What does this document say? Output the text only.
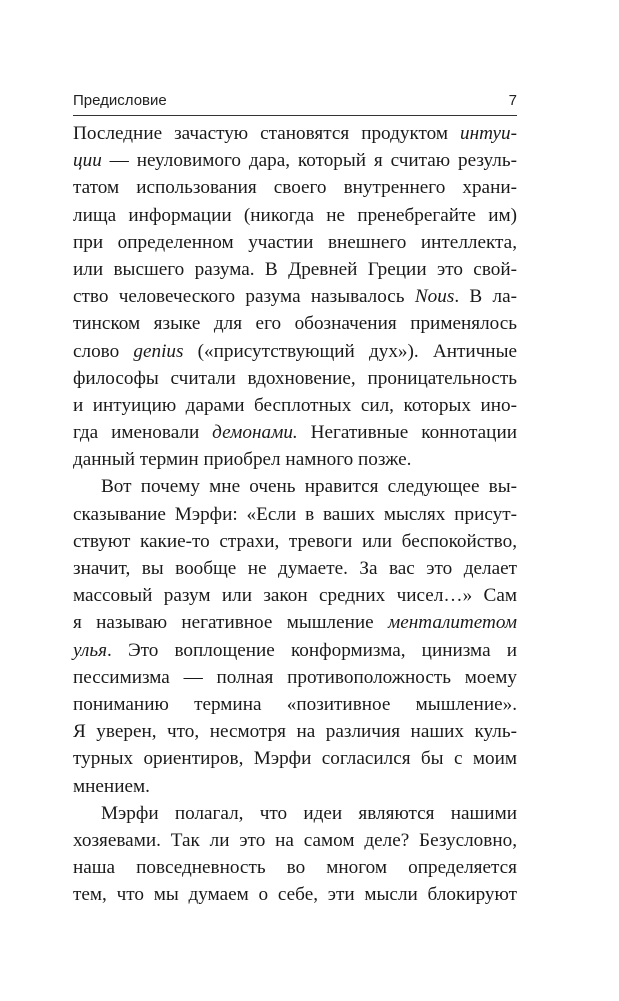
Предисловие	7
Последние зачастую становятся продуктом интуи-
ции — неуловимого дара, который я считаю резуль-
татом использования своего внутреннего храни-
лища информации (никогда не пренебрегайте им)
при определенном участии внешнего интеллекта,
или высшего разума. В Древней Греции это свой-
ство человеческого разума называлось Nous. В ла-
тинском языке для его обозначения применялось
слово genius («присутствующий дух»). Античные
философы считали вдохновение, проницательность
и интуицию дарами бесплотных сил, которых ино-
гда именовали демонами. Негативные коннотации
данный термин приобрел намного позже.
Вот почему мне очень нравится следующее вы-
сказывание Мэрфи: «Если в ваших мыслях присут-
ствуют какие-то страхи, тревоги или беспокойство,
значит, вы вообще не думаете. За вас это делает
массовый разум или закон средних чисел…» Сам
я называю негативное мышление менталитетом
улья. Это воплощение конформизма, цинизма и
пессимизма — полная противоположность моему
пониманию термина «позитивное мышление».
Я уверен, что, несмотря на различия наших куль-
турных ориентиров, Мэрфи согласился бы с моим
мнением.
Мэрфи полагал, что идеи являются нашими
хозяевами. Так ли это на самом деле? Безусловно,
наша повседневность во многом определяется
тем, что мы думаем о себе, эти мысли блокируют
